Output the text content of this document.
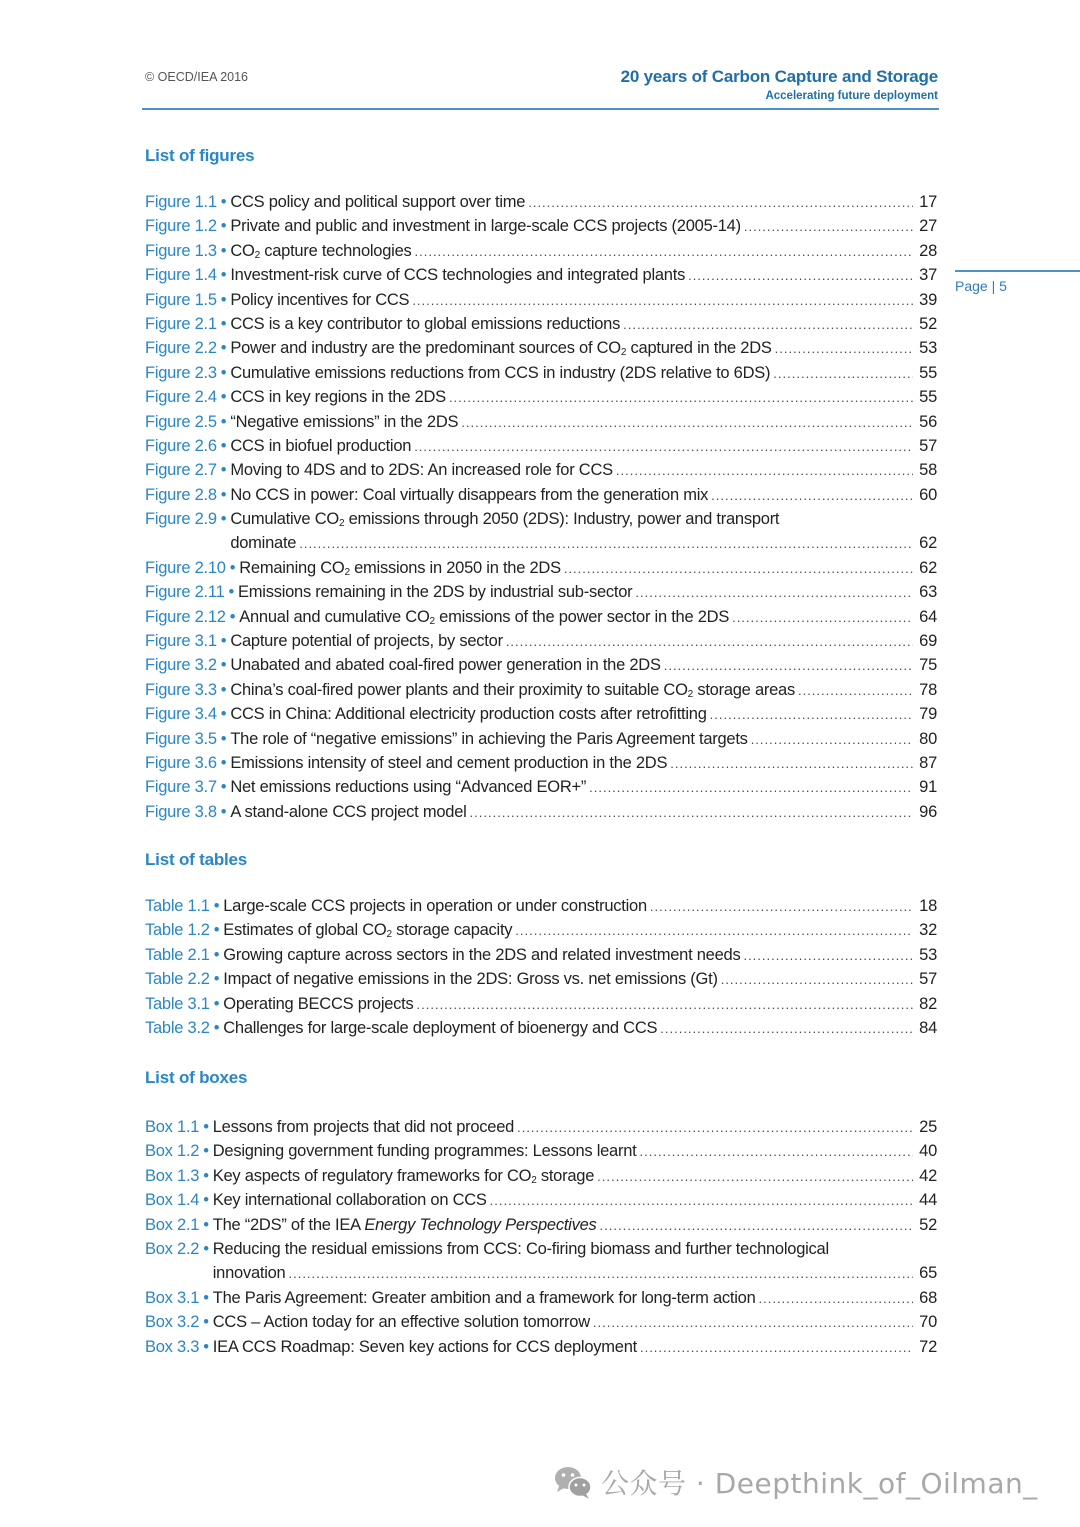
© OECD/IEA 2016	20 years of Carbon Capture and Storage
Accelerating future deployment
Page | 5
List of figures
Figure 1.1 • CCS policy and political support over time .....	17
Figure 1.2 • Private and public and investment in large-scale CCS projects (2005-14) .....	27
Figure 1.3 • $CO_2$ capture technologies .....	28
Figure 1.4 • Investment-risk curve of CCS technologies and integrated plants .....	37
Figure 1.5 • Policy incentives for CCS .....	39
Figure 2.1 • CCS is a key contributor to global emissions reductions .....	52
Figure 2.2 • Power and industry are the predominant sources of $CO_2$ captured in the 2DS .....	53
Figure 2.3 • Cumulative emissions reductions from CCS in industry (2DS relative to 6DS) .....	55
Figure 2.4 • CCS in key regions in the 2DS .....	55
Figure 2.5 • “Negative emissions” in the 2DS .....	56
Figure 2.6 • CCS in biofuel production .....	57
Figure 2.7 • Moving to 4DS and to 2DS: An increased role for CCS .....	58
Figure 2.8 • No CCS in power: Coal virtually disappears from the generation mix .....	60
Figure 2.9 • Cumulative $CO_2$ emissions through 2050 (2DS): Industry, power and transport
dominate .....	62
Figure 2.10 • Remaining $CO_2$ emissions in 2050 in the 2DS .....	62
Figure 2.11 • Emissions remaining in the 2DS by industrial sub-sector .....	63
Figure 2.12 • Annual and cumulative $CO_2$ emissions of the power sector in the 2DS .....	64
Figure 3.1 • Capture potential of projects, by sector .....	69
Figure 3.2 • Unabated and abated coal-fired power generation in the 2DS .....	75
Figure 3.3 • China’s coal-fired power plants and their proximity to suitable $CO_2$ storage areas .....	78
Figure 3.4 • CCS in China: Additional electricity production costs after retrofitting .....	79
Figure 3.5 • The role of “negative emissions” in achieving the Paris Agreement targets .....	80
Figure 3.6 • Emissions intensity of steel and cement production in the 2DS .....	87
Figure 3.7 • Net emissions reductions using “Advanced EOR+” .....	91
Figure 3.8 • A stand-alone CCS project model .....	96
List of tables
Table 1.1 • Large-scale CCS projects in operation or under construction .....	18
Table 1.2 • Estimates of global $CO_2$ storage capacity .....	32
Table 2.1 • Growing capture across sectors in the 2DS and related investment needs .....	53
Table 2.2 • Impact of negative emissions in the 2DS: Gross vs. net emissions (Gt) .....	57
Table 3.1 • Operating BECCS projects .....	82
Table 3.2 • Challenges for large-scale deployment of bioenergy and CCS .....	84
List of boxes
Box 1.1 • Lessons from projects that did not proceed .....	25
Box 1.2 • Designing government funding programmes: Lessons learnt .....	40
Box 1.3 • Key aspects of regulatory frameworks for $CO_2$ storage .....	42
Box 1.4 • Key international collaboration on CCS .....	44
Box 2.1 • The “2DS” of the IEA Energy Technology Perspectives .....	52
Box 2.2 • Reducing the residual emissions from CCS: Co-firing biomass and further technological
innovation .....	65
Box 3.1 • The Paris Agreement: Greater ambition and a framework for long-term action .....	68
Box 3.2 • CCS – Action today for an effective solution tomorrow .....	70
Box 3.3 • IEA CCS Roadmap: Seven key actions for CCS deployment .....	72
公众号 · Deepthink_of_Oilman_
